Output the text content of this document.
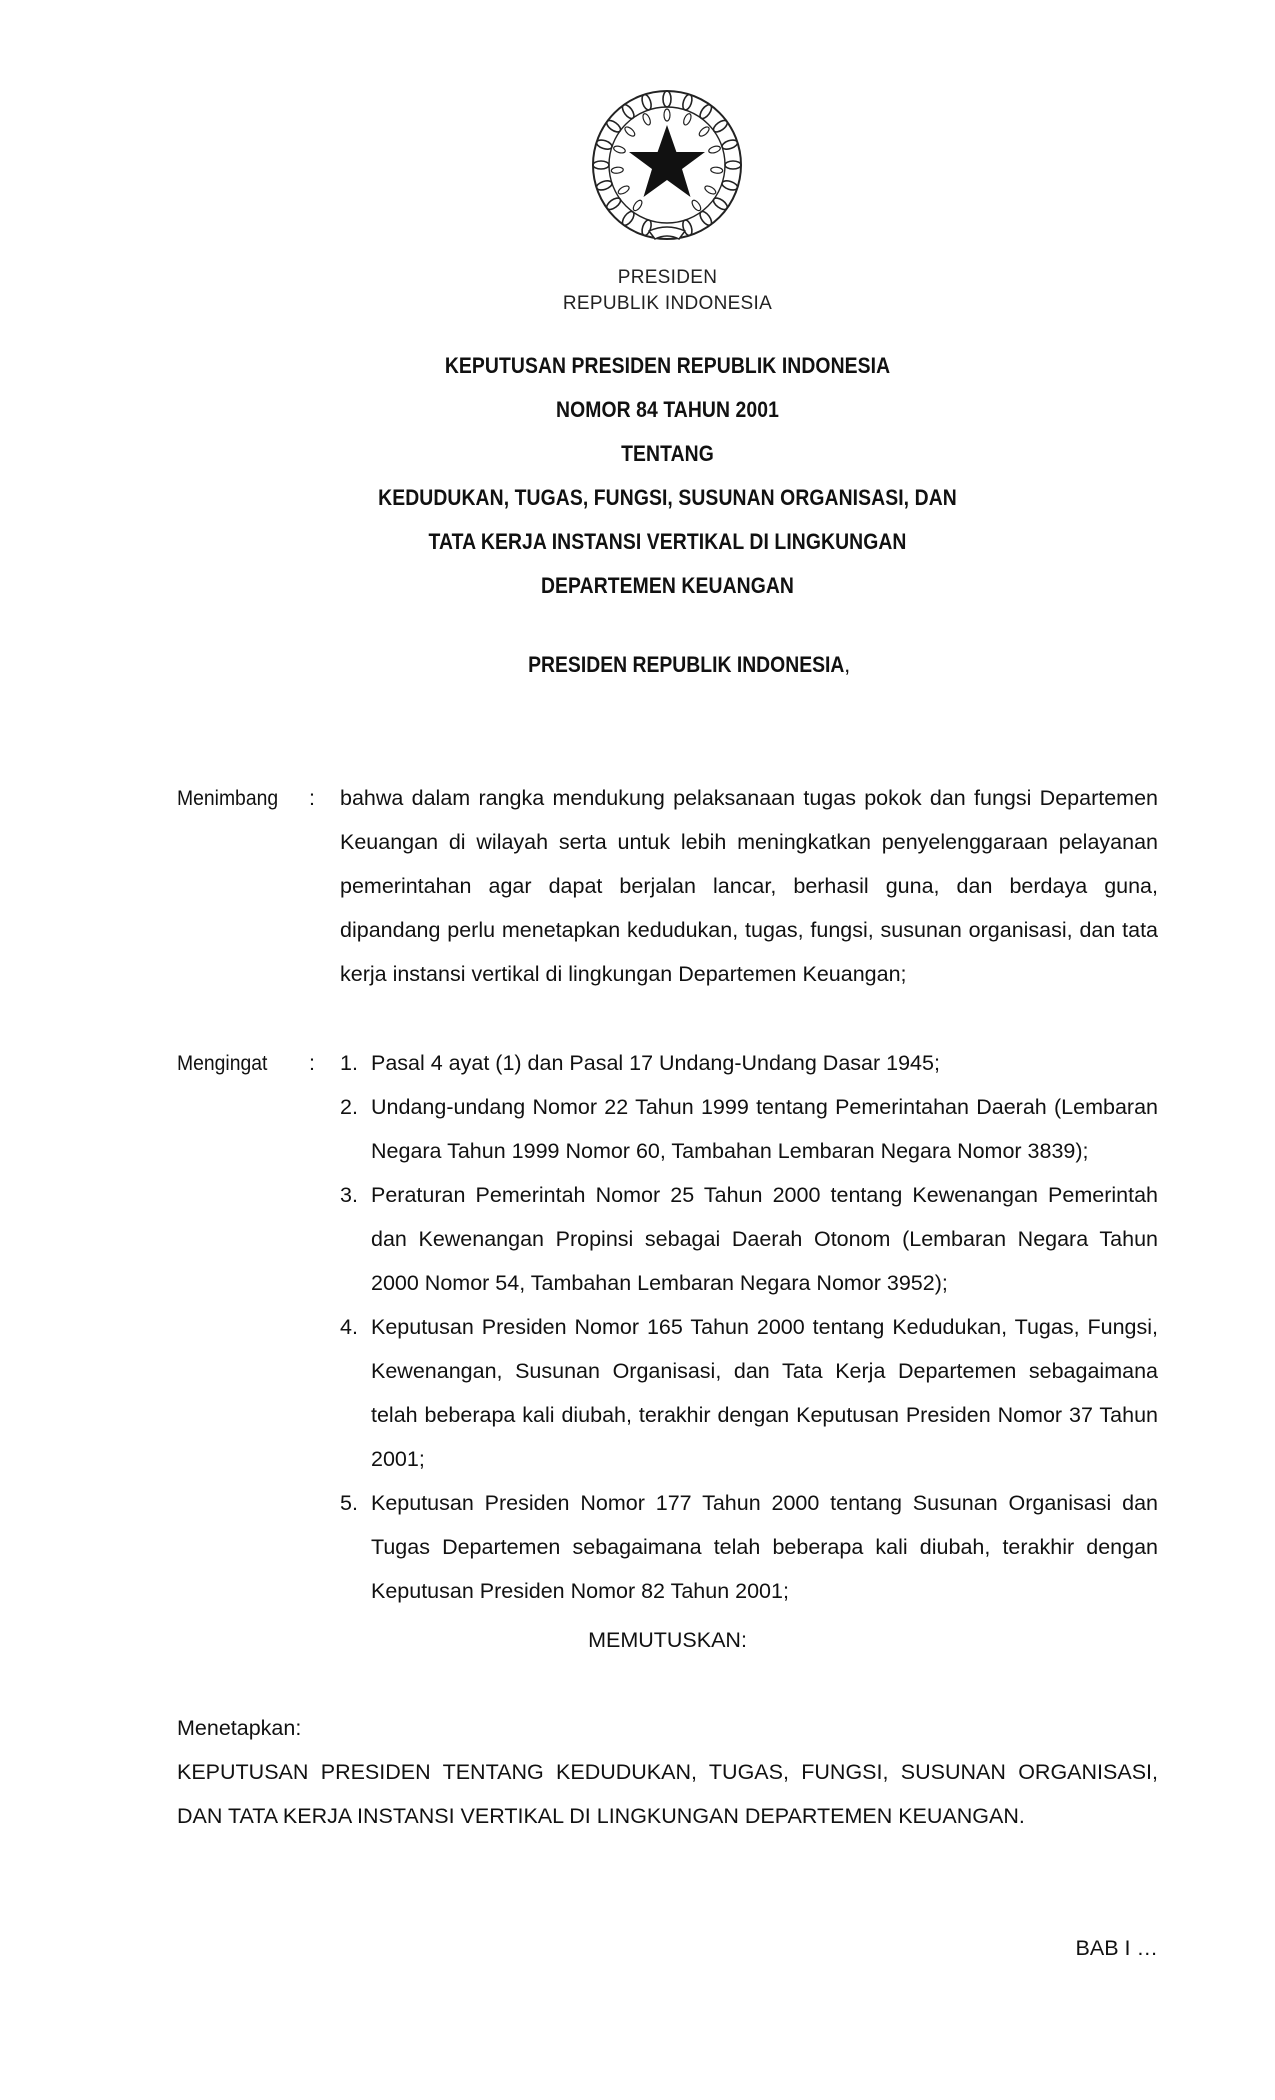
PRESIDEN
REPUBLIK INDONESIA
KEPUTUSAN PRESIDEN REPUBLIK INDONESIA
NOMOR 84 TAHUN 2001
TENTANG
KEDUDUKAN, TUGAS, FUNGSI, SUSUNAN ORGANISASI, DAN
TATA KERJA INSTANSI VERTIKAL DI LINGKUNGAN
DEPARTEMEN KEUANGAN
PRESIDEN REPUBLIK INDONESIA,
Menimbang : bahwa dalam rangka mendukung pelaksanaan tugas pokok dan fungsi Departemen Keuangan di wilayah serta untuk lebih meningkatkan penyelenggaraan pelayanan pemerintahan agar dapat berjalan lancar, berhasil guna, dan berdaya guna, dipandang perlu menetapkan kedudukan, tugas, fungsi, susunan organisasi, dan tata kerja instansi vertikal di lingkungan Departemen Keuangan;
Mengingat : 1. Pasal 4 ayat (1) dan Pasal 17 Undang-Undang Dasar 1945;
2. Undang-undang Nomor 22 Tahun 1999 tentang Pemerintahan Daerah (Lembaran Negara Tahun 1999 Nomor 60, Tambahan Lembaran Negara Nomor 3839);
3. Peraturan Pemerintah Nomor 25 Tahun 2000 tentang Kewenangan Pemerintah dan Kewenangan Propinsi sebagai Daerah Otonom (Lembaran Negara Tahun 2000 Nomor 54, Tambahan Lembaran Negara Nomor 3952);
4. Keputusan Presiden Nomor 165 Tahun 2000 tentang Kedudukan, Tugas, Fungsi, Kewenangan, Susunan Organisasi, dan Tata Kerja Departemen sebagaimana telah beberapa kali diubah, terakhir dengan Keputusan Presiden Nomor 37 Tahun 2001;
5. Keputusan Presiden Nomor 177 Tahun 2000 tentang Susunan Organisasi dan Tugas Departemen sebagaimana telah beberapa kali diubah, terakhir dengan Keputusan Presiden Nomor 82 Tahun 2001;
MEMUTUSKAN:
Menetapkan:
KEPUTUSAN PRESIDEN TENTANG KEDUDUKAN, TUGAS, FUNGSI, SUSUNAN ORGANISASI, DAN TATA KERJA INSTANSI VERTIKAL DI LINGKUNGAN DEPARTEMEN KEUANGAN.
BAB I …
